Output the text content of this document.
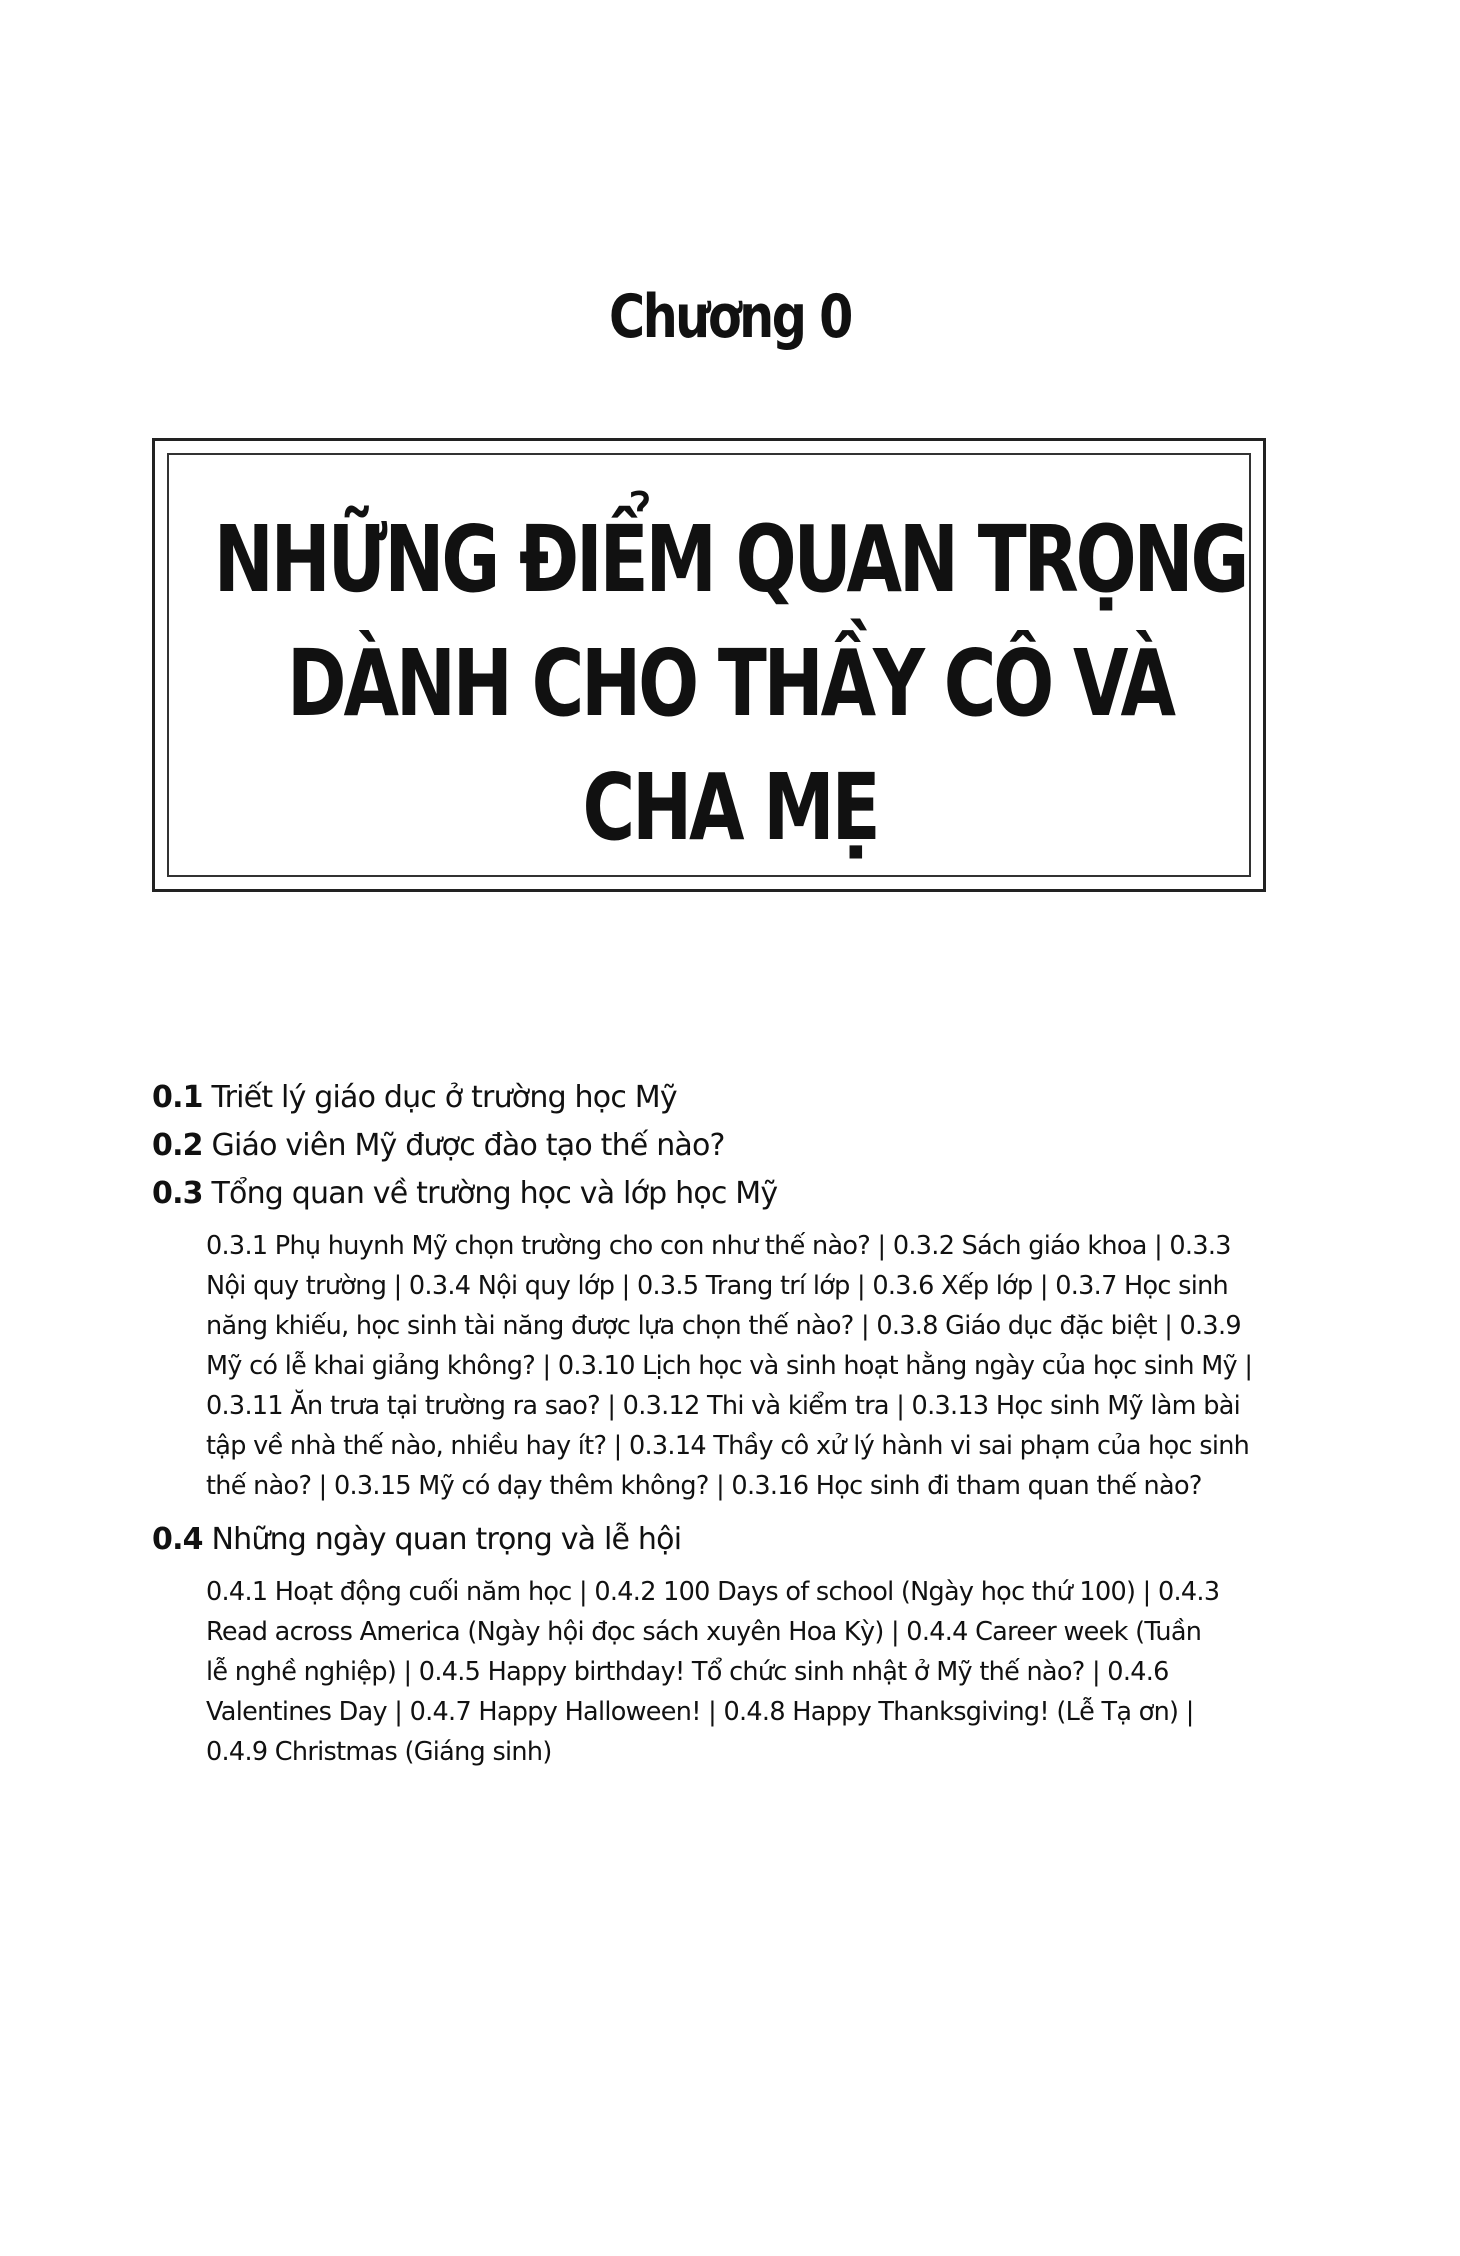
Chương 0
NHỮNG ĐIỂM QUAN TRỌNG
DÀNH CHO THẦY CÔ VÀ
CHA MẸ
0.1 Triết lý giáo dục ở trường học Mỹ
0.2 Giáo viên Mỹ được đào tạo thế nào?
0.3 Tổng quan về trường học và lớp học Mỹ
0.3.1 Phụ huynh Mỹ chọn trường cho con như thế nào? | 0.3.2 Sách giáo khoa | 0.3.3
Nội quy trường | 0.3.4 Nội quy lớp | 0.3.5 Trang trí lớp | 0.3.6 Xếp lớp | 0.3.7 Học sinh
năng khiếu, học sinh tài năng được lựa chọn thế nào? | 0.3.8 Giáo dục đặc biệt | 0.3.9
Mỹ có lễ khai giảng không? | 0.3.10 Lịch học và sinh hoạt hằng ngày của học sinh Mỹ |
0.3.11 Ăn trưa tại trường ra sao? | 0.3.12 Thi và kiểm tra | 0.3.13 Học sinh Mỹ làm bài
tập về nhà thế nào, nhiều hay ít? | 0.3.14 Thầy cô xử lý hành vi sai phạm của học sinh
thế nào? | 0.3.15 Mỹ có dạy thêm không? | 0.3.16 Học sinh đi tham quan thế nào?
0.4 Những ngày quan trọng và lễ hội
0.4.1 Hoạt động cuối năm học | 0.4.2 100 Days of school (Ngày học thứ 100) | 0.4.3
Read across America (Ngày hội đọc sách xuyên Hoa Kỳ) | 0.4.4 Career week (Tuần
lễ nghề nghiệp) | 0.4.5 Happy birthday! Tổ chức sinh nhật ở Mỹ thế nào? | 0.4.6
Valentines Day | 0.4.7 Happy Halloween! | 0.4.8 Happy Thanksgiving! (Lễ Tạ ơn) |
0.4.9 Christmas (Giáng sinh)
